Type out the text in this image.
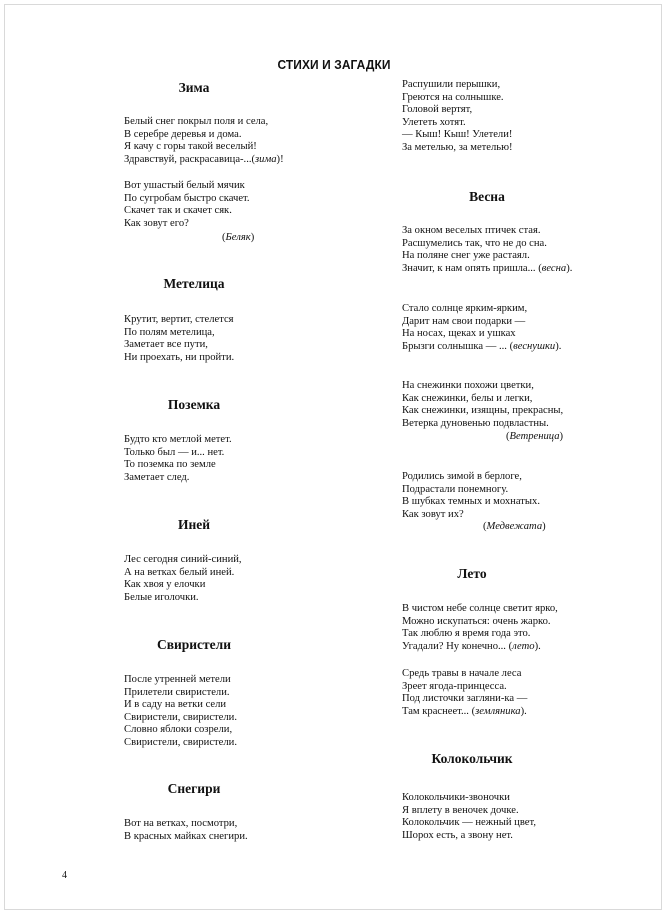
СТИХИ И ЗАГАДКИ
Зима
Белый снег покрыл поля и села,
В серебре деревья и дома.
Я качу с горы такой веселый!
Здравствуй, раскрасавица-...(зима)!
Вот ушастый белый мячик
По сугробам быстро скачет.
Скачет так и скачет сяк.
Как зовут его?
(Беляк)
Метелица
Крутит, вертит, стелется
По полям метелица,
Заметает все пути,
Ни проехать, ни пройти.
Поземка
Будто кто метлой метет.
Только был — и... нет.
То поземка по земле
Заметает след.
Иней
Лес сегодня синий-синий,
А на ветках белый иней.
Как хвоя у елочки
Белые иголочки.
Свиристели
После утренней метели
Прилетели свиристели.
И в саду на ветки сели
Свиристели, свиристели.
Словно яблоки созрели,
Свиристели, свиристели.
Снегири
Вот на ветках, посмотри,
В красных майках снегири.
Распушили перышки,
Греются на солнышке.
Головой вертят,
Улететь хотят.
— Кыш! Кыш! Улетели!
За метелью, за метелью!
Весна
За окном веселых птичек стая.
Расшумелись так, что не до сна.
На поляне снег уже растаял.
Значит, к нам опять пришла... (весна).
Стало солнце ярким-ярким,
Дарит нам свои подарки —
На носах, щеках и ушках
Брызги солнышка — ... (веснушки).
На снежинки похожи цветки,
Как снежинки, белы и легки,
Как снежинки, изящны, прекрасны,
Ветерка дуновенью подвластны.
(Ветреница)
Родились зимой в берлоге,
Подрастали понемногу.
В шубках темных и мохнатых.
Как зовут их?
(Медвежата)
Лето
В чистом небе солнце светит ярко,
Можно искупаться: очень жарко.
Так люблю я время года это.
Угадали? Ну конечно... (лето).
Средь травы в начале леса
Зреет ягода-принцесса.
Под листочки загляни-ка —
Там краснеет... (земляника).
Колокольчик
Колокольчики-звоночки
Я вплету в веночек дочке.
Колокольчик — нежный цвет,
Шорох есть, а звону нет.
4
